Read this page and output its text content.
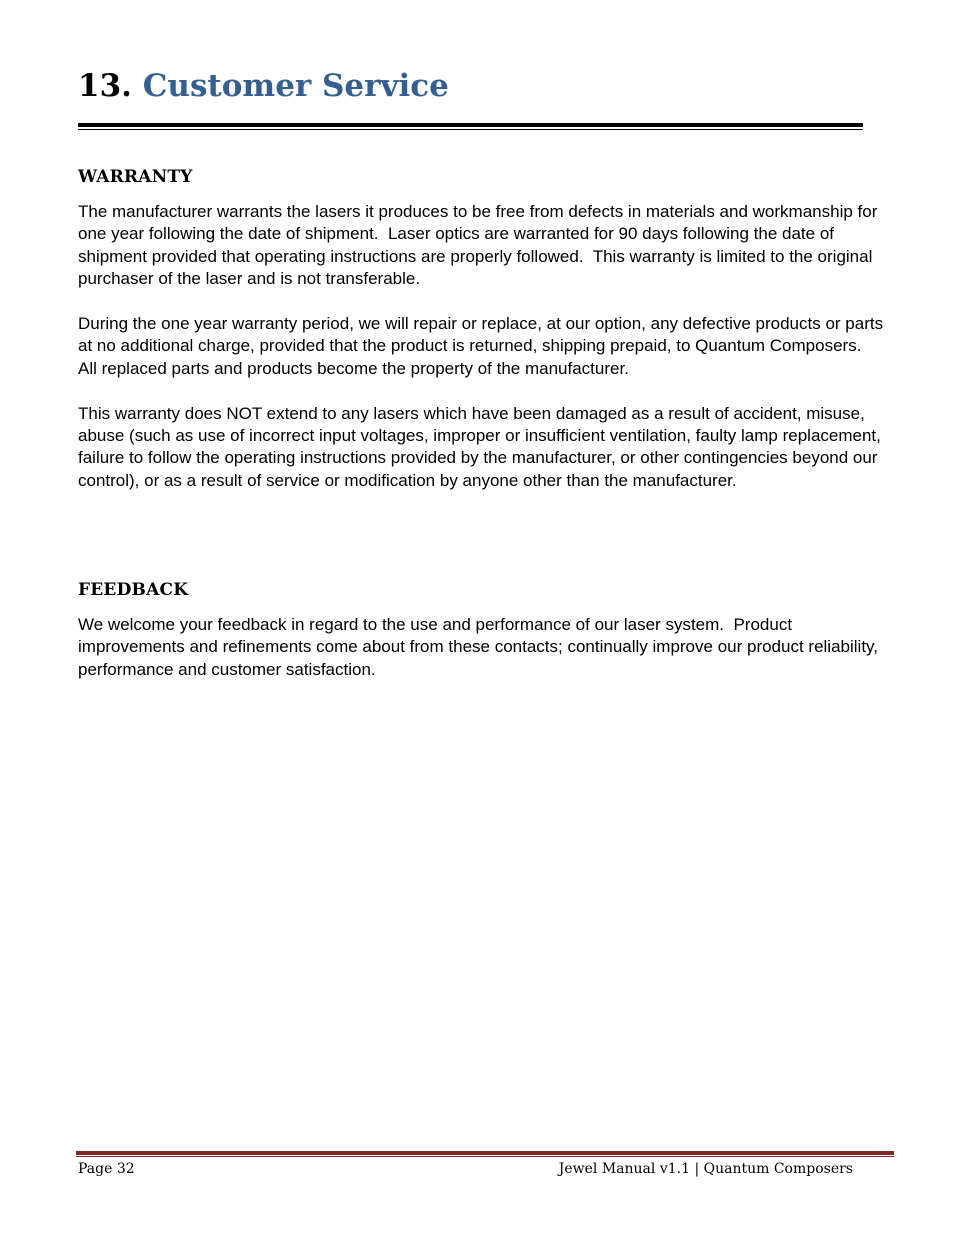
13. Customer Service
WARRANTY

The manufacturer warrants the lasers it produces to be free from defects in materials and workmanship for one year following the date of shipment.  Laser optics are warranted for 90 days following the date of shipment provided that operating instructions are properly followed.  This warranty is limited to the original purchaser of the laser and is not transferable.

During the one year warranty period, we will repair or replace, at our option, any defective products or parts at no additional charge, provided that the product is returned, shipping prepaid, to Quantum Composers.  All replaced parts and products become the property of the manufacturer.

This warranty does NOT extend to any lasers which have been damaged as a result of accident, misuse, abuse (such as use of incorrect input voltages, improper or insufficient ventilation, faulty lamp replacement, failure to follow the operating instructions provided by the manufacturer, or other contingencies beyond our control), or as a result of service or modification by anyone other than the manufacturer.

FEEDBACK

We welcome your feedback in regard to the use and performance of our laser system.  Product improvements and refinements come about from these contacts; continually improve our product reliability, performance and customer satisfaction.

Page 32	Jewel Manual v1.1 | Quantum Composers
